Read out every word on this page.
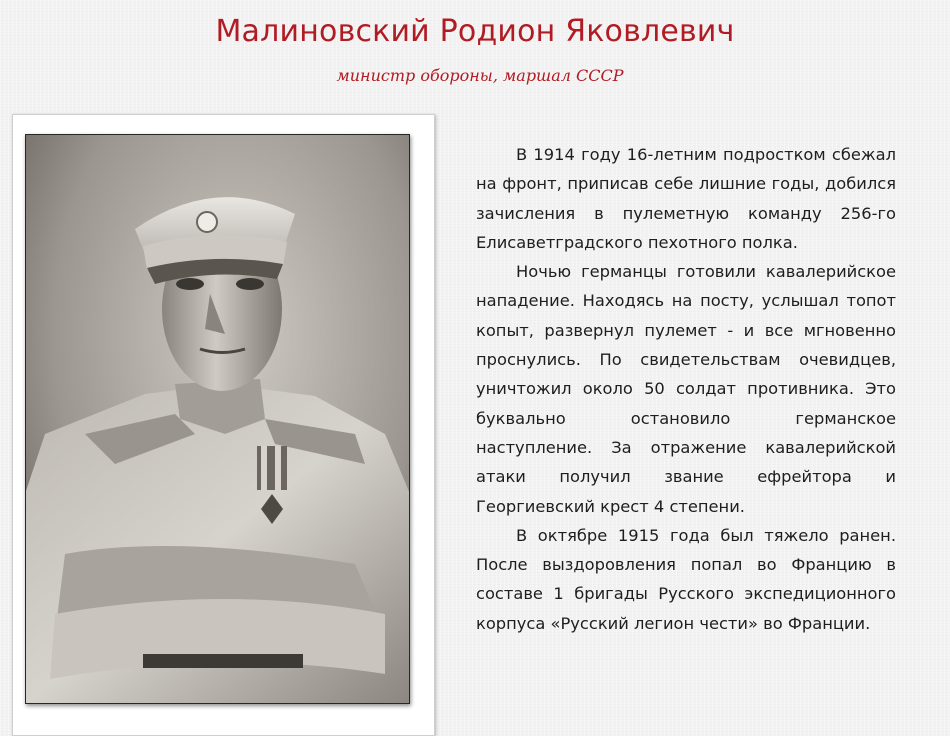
Малиновский Родион Яковлевич
министр обороны, маршал СССР

В 1914 году 16-летним подростком сбежал на фронт, приписав себе лишние годы, добился зачисления в пулеметную команду 256-го Елисаветградского пехотного полка.

Ночью германцы готовили кавалерийское нападение. Находясь на посту, услышал топот копыт, развернул пулемет - и все мгновенно проснулись. По свидетельствам очевидцев, уничтожил около 50 солдат противника. Это буквально остановило германское наступление. За отражение кавалерийской атаки получил звание ефрейтора и Георгиевский крест 4 степени.

В октябре 1915 года был тяжело ранен. После выздоровления попал во Францию в составе 1 бригады Русского экспедиционного корпуса «Русский легион чести» во Франции.
